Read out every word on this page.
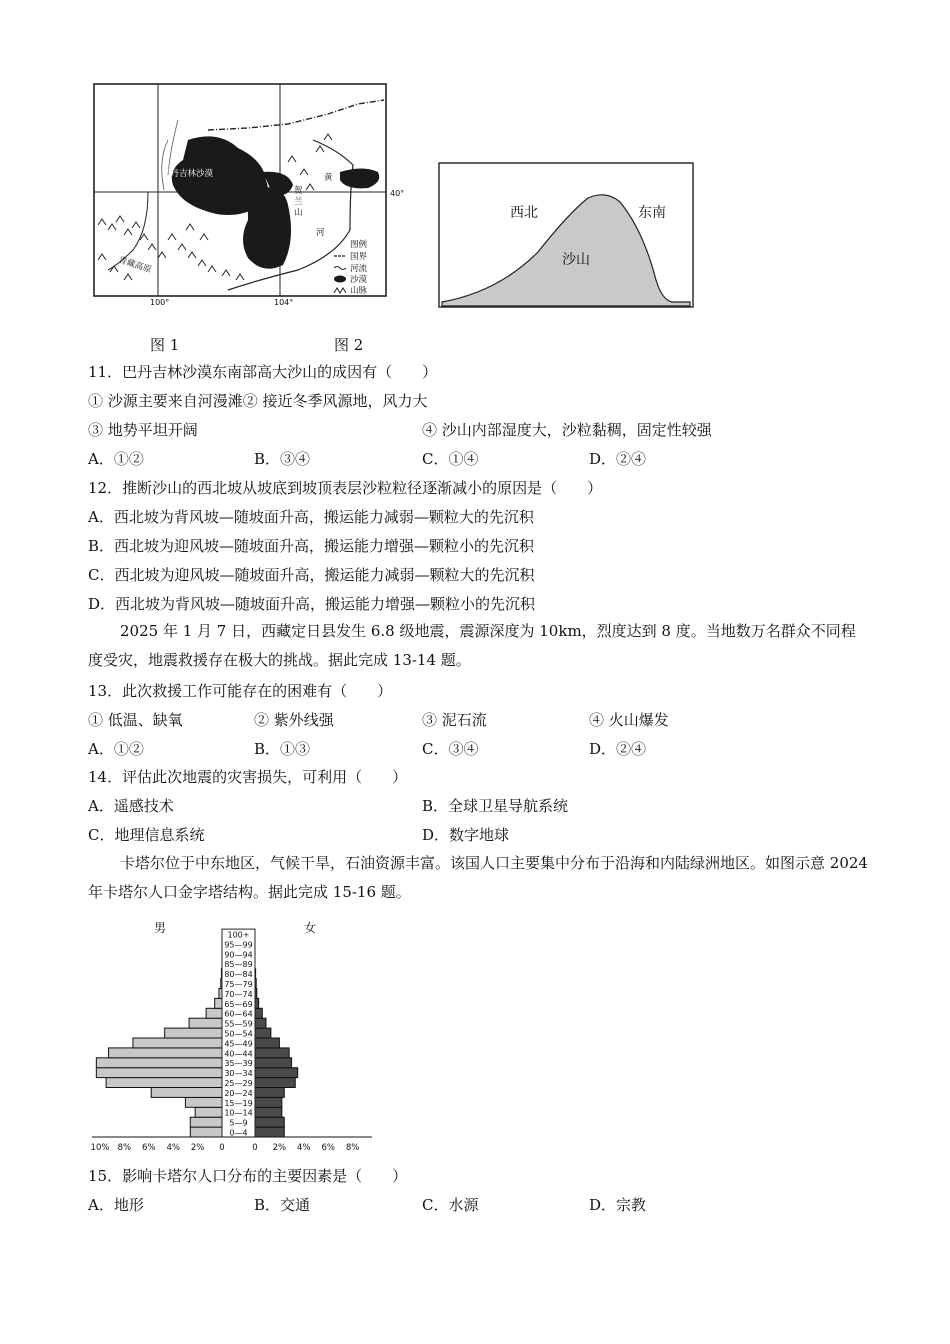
巴丹吉林沙漠
40°
100°	104°
贺
兰
山
黄
河
青藏高原
图例
国界
河流
沙漠
山脉
西北	东南
沙山
图 1	图 2
11．巴丹吉林沙漠东南部高大沙山的成因有（　　）
① 沙源主要来自河漫滩② 接近冬季风源地，风力大
③ 地势平坦开阔	④ 沙山内部湿度大，沙粒黏稠，固定性较强
A．①②	B．③④	C．①④	D．②④
12．推断沙山的西北坡从坡底到坡顶表层沙粒粒径逐渐减小的原因是（　　）
A．西北坡为背风坡—随坡面升高，搬运能力减弱—颗粒大的先沉积
B．西北坡为迎风坡—随坡面升高，搬运能力增强—颗粒小的先沉积
C．西北坡为迎风坡—随坡面升高，搬运能力减弱—颗粒大的先沉积
D．西北坡为背风坡—随坡面升高，搬运能力增强—颗粒小的先沉积
2025 年 1 月 7 日，西藏定日县发生 6.8 级地震，震源深度为 10km，烈度达到 8 度。当地数万名群众不同程度受灾，地震救援存在极大的挑战。据此完成 13-14 题。
13．此次救援工作可能存在的困难有（　　）
① 低温、缺氧	② 紫外线强	③ 泥石流	④ 火山爆发
A．①②	B．①③	C．③④	D．②④
14．评估此次地震的灾害损失，可利用（　　）
A．遥感技术	B．全球卫星导航系统
C．地理信息系统	D．数字地球
卡塔尔位于中东地区，气候干旱，石油资源丰富。该国人口主要集中分布于沿海和内陆绿洲地区。如图示意 2024 年卡塔尔人口金字塔结构。据此完成 15-16 题。
男	女
0—4
5—9
10—14
15—19
20—24
25—29
30—34
35—39
40—44
45—49
50—54
55—59
60—64
65—69
70—74
75—79
80—84
85—89
90—94
95—99
100+
10% 8% 6% 4% 2% 0	0 2% 4% 6% 8%
15．影响卡塔尔人口分布的主要因素是（　　）
A．地形	B．交通	C．水源	D．宗教
